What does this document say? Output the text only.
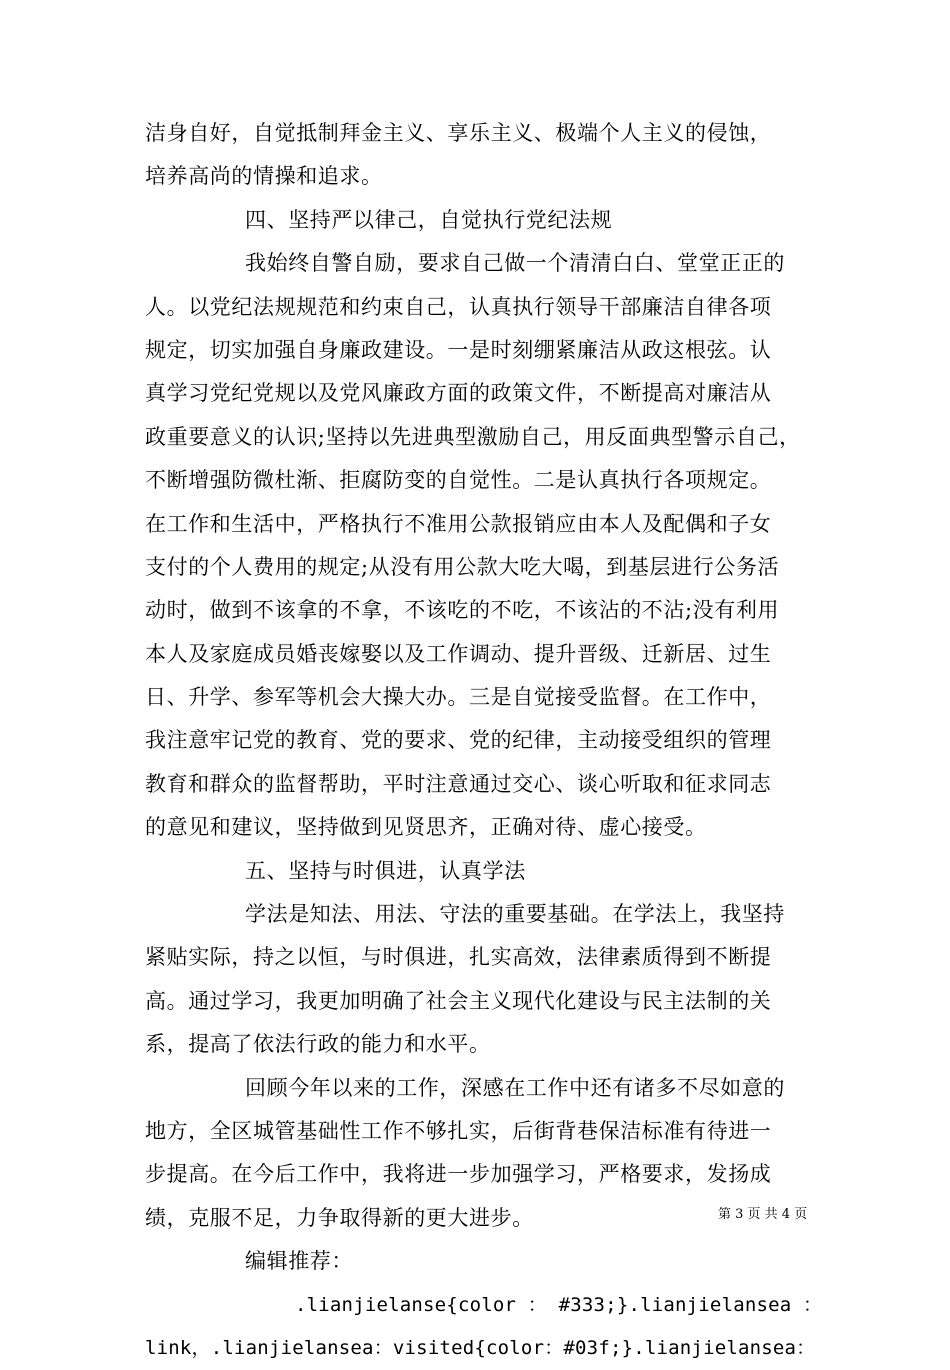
洁身自好，自觉抵制拜金主义、享乐主义、极端个人主义的侵蚀，
培养高尚的情操和追求。
四、坚持严以律己，自觉执行党纪法规
我始终自警自励，要求自己做一个清清白白、堂堂正正的
人。以党纪法规规范和约束自己，认真执行领导干部廉洁自律各项
规定，切实加强自身廉政建设。一是时刻绷紧廉洁从政这根弦。认
真学习党纪党规以及党风廉政方面的政策文件，不断提高对廉洁从
政重要意义的认识;坚持以先进典型激励自己，用反面典型警示自己，
不断增强防微杜渐、拒腐防变的自觉性。二是认真执行各项规定。
在工作和生活中，严格执行不准用公款报销应由本人及配偶和子女
支付的个人费用的规定;从没有用公款大吃大喝，到基层进行公务活
动时，做到不该拿的不拿，不该吃的不吃，不该沾的不沾;没有利用
本人及家庭成员婚丧嫁娶以及工作调动、提升晋级、迁新居、过生
日、升学、参军等机会大操大办。三是自觉接受监督。在工作中，
我注意牢记党的教育、党的要求、党的纪律，主动接受组织的管理
教育和群众的监督帮助，平时注意通过交心、谈心听取和征求同志
的意见和建议，坚持做到见贤思齐，正确对待、虚心接受。
五、坚持与时俱进，认真学法
学法是知法、用法、守法的重要基础。在学法上，我坚持
紧贴实际，持之以恒，与时俱进，扎实高效，法律素质得到不断提
高。通过学习，我更加明确了社会主义现代化建设与民主法制的关
系，提高了依法行政的能力和水平。
回顾今年以来的工作，深感在工作中还有诸多不尽如意的
地方，全区城管基础性工作不够扎实，后街背巷保洁标准有待进一
步提高。在今后工作中，我将进一步加强学习，严格要求，发扬成
绩，克服不足，力争取得新的更大进步。
编辑推荐：
.lianjielanse{color ： #333;}.lianjielansea ：
link，.lianjielansea：visited{color：#03f;}.lianjielansea：
第 3 页 共 4 页
